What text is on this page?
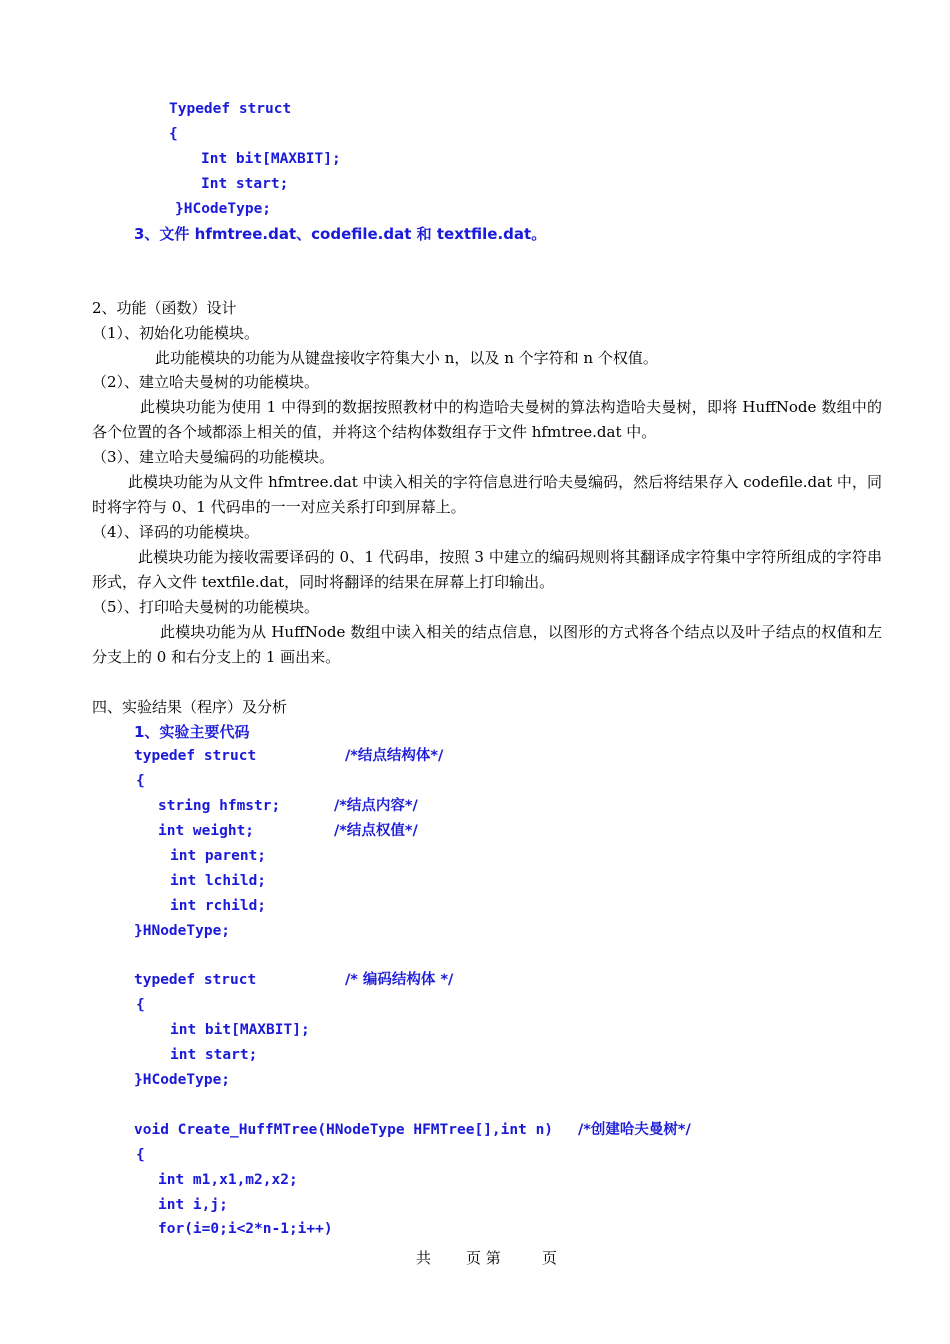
Typedef struct
{
Int bit[MAXBIT];
Int start;
}HCodeType;
3、文件 hfmtree.dat、codefile.dat 和 textfile.dat。
2、功能（函数）设计
（1）、初始化功能模块。
此功能模块的功能为从键盘接收字符集大小 n，以及 n 个字符和 n 个权值。
（2）、建立哈夫曼树的功能模块。
此模块功能为使用 1 中得到的数据按照教材中的构造哈夫曼树的算法构造哈夫曼树，即将 HuffNode 数组中的各个位置的各个域都添上相关的值，并将这个结构体数组存于文件 hfmtree.dat 中。
（3）、建立哈夫曼编码的功能模块。
此模块功能为从文件 hfmtree.dat 中读入相关的字符信息进行哈夫曼编码，然后将结果存入 codefile.dat 中，同时将字符与 0、1 代码串的一一对应关系打印到屏幕上。
（4）、译码的功能模块。
此模块功能为接收需要译码的 0、1 代码串，按照 3 中建立的编码规则将其翻译成字符集中字符所组成的字符串形式，存入文件 textfile.dat，同时将翻译的结果在屏幕上打印输出。
（5）、打印哈夫曼树的功能模块。
此模块功能为从 HuffNode 数组中读入相关的结点信息，以图形的方式将各个结点以及叶子结点的权值和左分支上的 0 和右分支上的 1 画出来。
四、实验结果（程序）及分析
1、实验主要代码
typedef struct	/*结点结构体*/
{
string hfmstr;	/*结点内容*/
int weight;	/*结点权值*/
int parent;
int lchild;
int rchild;
}HNodeType;
typedef struct	/* 编码结构体 */
{
int bit[MAXBIT];
int start;
}HCodeType;
void Create_HuffMTree(HNodeType HFMTree[],int n) /*创建哈夫曼树*/
{
int m1,x1,m2,x2;
int i,j;
for(i=0;i<2*n-1;i++)
共 页 第	页
